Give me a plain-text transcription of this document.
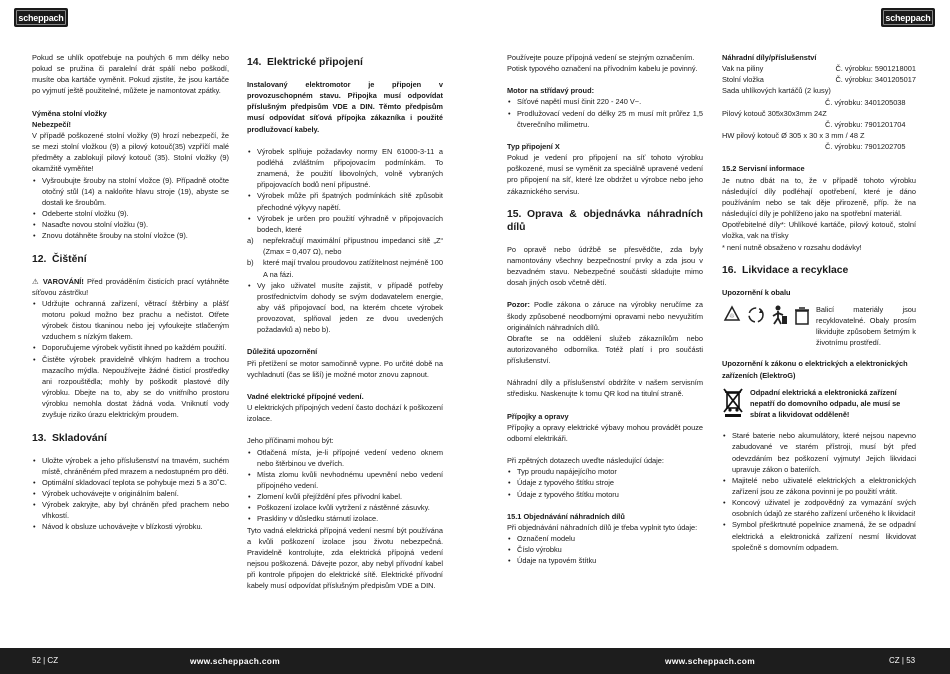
scheppach

Pokud se uhlík opotřebuje na pouhých 6 mm délky nebo pokud se pružina či paralelní drát spálí nebo poškodí, musíte oba kartáče vyměnit. Pokud zjistíte, že jsou kartáče po vyjmutí ještě použitelné, můžete je namontovat zpátky.

Výměna stolní vložky
Nebezpečí!

V případě poškozené stolní vložky (9) hrozí nebezpečí, že se mezi stolní vložkou (9) a pilový kotouč(35) vzpříčí malé předměty a zablokují pilový kotouč (35). Stolní vložky (9) okamžitě vyměňte!

• Vyšroubujte šrouby na stolní vložce (9). Případně otočte otočný stůl (14) a nakloňte hlavu stroje (19), abyste se dostali ke šroubům.
• Odeberte stolní vložku (9).
• Nasaďte novou stolní vložku (9).
• Znovu dotáhněte šrouby na stolní vložce (9).
12. Čištění

⚠ VAROVÁNÍ! Před prováděním čisticích prací vytáhněte síťovou zástrčku!

• Udržujte ochranná zařízení, větrací štěrbiny a plášť motoru pokud možno bez prachu a nečistot. Otřete výrobek čistou tkaninou nebo jej vyfoukejte stlačeným vzduchem s nízkým tlakem.
• Doporučujeme výrobek vyčistit ihned po každém použití.
• Čistěte výrobek pravidelně vlhkým hadrem a trochou mazacího mýdla. Nepoužívejte žádné čisticí prostředky ani rozpouštědla; mohly by poškodit plastové díly výrobku. Dbejte na to, aby se do vnitřního prostoru výrobku nemohla dostat žádná voda. Vniknutí vody zvyšuje riziko úrazu elektrickým proudem.
13. Skladování
• Uložte výrobek a jeho příslušenství na tmavém, suchém místě, chráněném před mrazem a nedostupném pro děti.
• Optimální skladovací teplota se pohybuje mezi 5 a 30˚C.
• Výrobek uchovávejte v originálním balení.
• Výrobek zakryjte, aby byl chráněn před prachem nebo vlhkostí.
• Návod k obsluze uchovávejte v blízkosti výrobku.
14. Elektrické připojení

Instalovaný elektromotor je připojen v provozuschopném stavu. Připojka musí odpovídat příslušným předpisům VDE a DIN. Těmto předpisům musí odpovídat síťová přípojka zákazníka i použité prodlužovací kabely.

• Výrobek splňuje požadavky normy EN 61000-3-11 a podléhá zvláštním připojovacím podmínkám. To znamená, že použití libovolných, volně vybraných připojovacích bodů není přípustné.
• Výrobek může při špatných podmínkách sítě způsobit přechodné výkyvy napětí.
• Výrobek je určen pro použití výhradně v připojovacích bodech, které
a)	nepřekračují maximální přípustnou impedanci sítě „Z“ (Zmax = 0,407 Ω), nebo
b)	které mají trvalou proudovou zatížitelnost nejméně 100 A na fázi.
• Vy jako uživatel musíte zajistit, v případě potřeby prostřednictvím dohody se svým dodavatelem energie, aby váš připojovací bod, na kterém chcete výrobek provozovat, splňoval jeden ze dvou uvedených požadavků a) nebo b).
Důležitá upozornění

Při přetížení se motor samočinně vypne. Po určité době na vychladnutí (čas se liší) je možné motor znovu zapnout.

Vadné elektrické přípojné vedení.

U elektrických přípojných vedení často dochází k poškození izolace.

Jeho příčinami mohou být:

• Otlačená místa, je-li přípojné vedení vedeno oknem nebo štěrbinou ve dveřích.
• Místa zlomu kvůli nevhodnému upevnění nebo vedení přípojného vedení.
• Zlomení kvůli přejíždění přes přívodní kabel.
• Poškození izolace kvůli vytržení z nástěnné zásuvky.
• Praskliny v důsledku stárnutí izolace.

Tyto vadná elektrická přípojná vedení nesmí být používána a kvůli poškození izolace jsou životu nebezpečná. Pravidelně kontrolujte, zda elektrická přípojná vedení nejsou poškozená. Dávejte pozor, aby nebyl přívodní kabel při kontrole připojen do elektrické sítě. Elektrické přívodní kabely musí odpovídat příslušným předpisům VDE a DIN.

52 | CZ	www.scheppach.com
scheppach

Používejte pouze přípojná vedení se stejným označením.

Potisk typového označení na přívodním kabelu je povinný.

Motor na střídavý proud:
• Síťové napětí musí činit 220 - 240 V~.
• Prodlužovací vedení do délky 25 m musí mít průřez 1,5 čtverečního milimetru.
Typ připojení X

Pokud je vedení pro připojení na síť tohoto výrobku poškozené, musí se vyměnit za speciálně upravené vedení pro připojení na síť, které lze obdržet u výrobce nebo jeho zákaznického servisu.

15. Oprava & objednávka náhradních dílů

Po opravě nebo údržbě se přesvědčte, zda byly namontovány všechny bezpečnostní prvky a zda jsou v bezvadném stavu. Nebezpečné součásti skladujte mimo dosah jiných osob včetně dětí.

Pozor: Podle zákona o záruce na výrobky neručíme za škody způsobené neodbornými opravami nebo nevyužitím originálních náhradních dílů.

Obraťte se na oddělení služeb zákazníkům nebo autorizovaného odborníka. Totéž platí i pro součásti příslušenství.

Náhradní díly a příslušenství obdržíte v našem servisním středisku. Naskenujte k tomu QR kod na titulní straně.

Přípojky a opravy

Přípojky a opravy elektrické výbavy mohou provádět pouze odborní elektrikáři.

Při zpětných dotazech uveďte následující údaje:

• Typ proudu napájejícího motor
• Údaje z typového štítku stroje
• Údaje z typového štítku motoru
15.1 Objednávání náhradních dílů

Při objednávání náhradních dílů je třeba vyplnit tyto údaje:

• Označení modelu
• Číslo výrobku
• Údaje na typovém štítku
Náhradní díly/příslušenství
Vak na piliny	Č. výrobku: 5901218001
Stolní vložka	Č. výrobku: 3401205017
Sada uhlíkových kartáčů (2 kusy)
Č. výrobku: 3401205038
Pilový kotouč 305x30x3mm 24Z
Č. výrobku: 7901201704
HW pilový kotouč Ø 305 x 30 x 3 mm / 48 Z
Č. výrobku: 7901202705
15.2 Servisní informace

Je nutno dbát na to, že v případě tohoto výrobku následující díly podléhají opotřebení, které je dáno používáním nebo se tak děje přirozeně, příp. že na následující díly je pohlíženo jako na spotřební materiál.

Opotřebitelné díly*: Uhlíkové kartáče, pilový kotouč, stolní vložka, vak na třísky

* není nutně obsaženo v rozsahu dodávky!

16. Likvidace a recyklace
Upozornění k obalu
♲
Balicí materiály jsou recyklovatelné. Obaly prosím likvidujte způsobem šetrným k životnímu prostředí.
Upozornění k zákonu o elektrických a elektronických zařízeních (ElektroG)
Odpadní elektrická a elektronická zařízení nepatří do domovního odpadu, ale musí se sbírat a likvidovat odděleně!
• Staré baterie nebo akumulátory, které nejsou napevno zabudované ve starém přístroji, musí být před odevzdáním bez poškození vyjmuty! Jejich likvidaci upravuje zákon o bateriích.
• Majitelé nebo uživatelé elektrických a elektronických zařízení jsou ze zákona povinni je po použití vrátit.
• Koncový uživatel je zodpovědný za vymazání svých osobních údajů ze starého zařízení určeného k likvidaci!
• Symbol přeškrtnuté popelnice znamená, že se odpadní elektrická a elektronická zařízení nesmí likvidovat společně s domovním odpadem.
www.scheppach.com	CZ | 53
